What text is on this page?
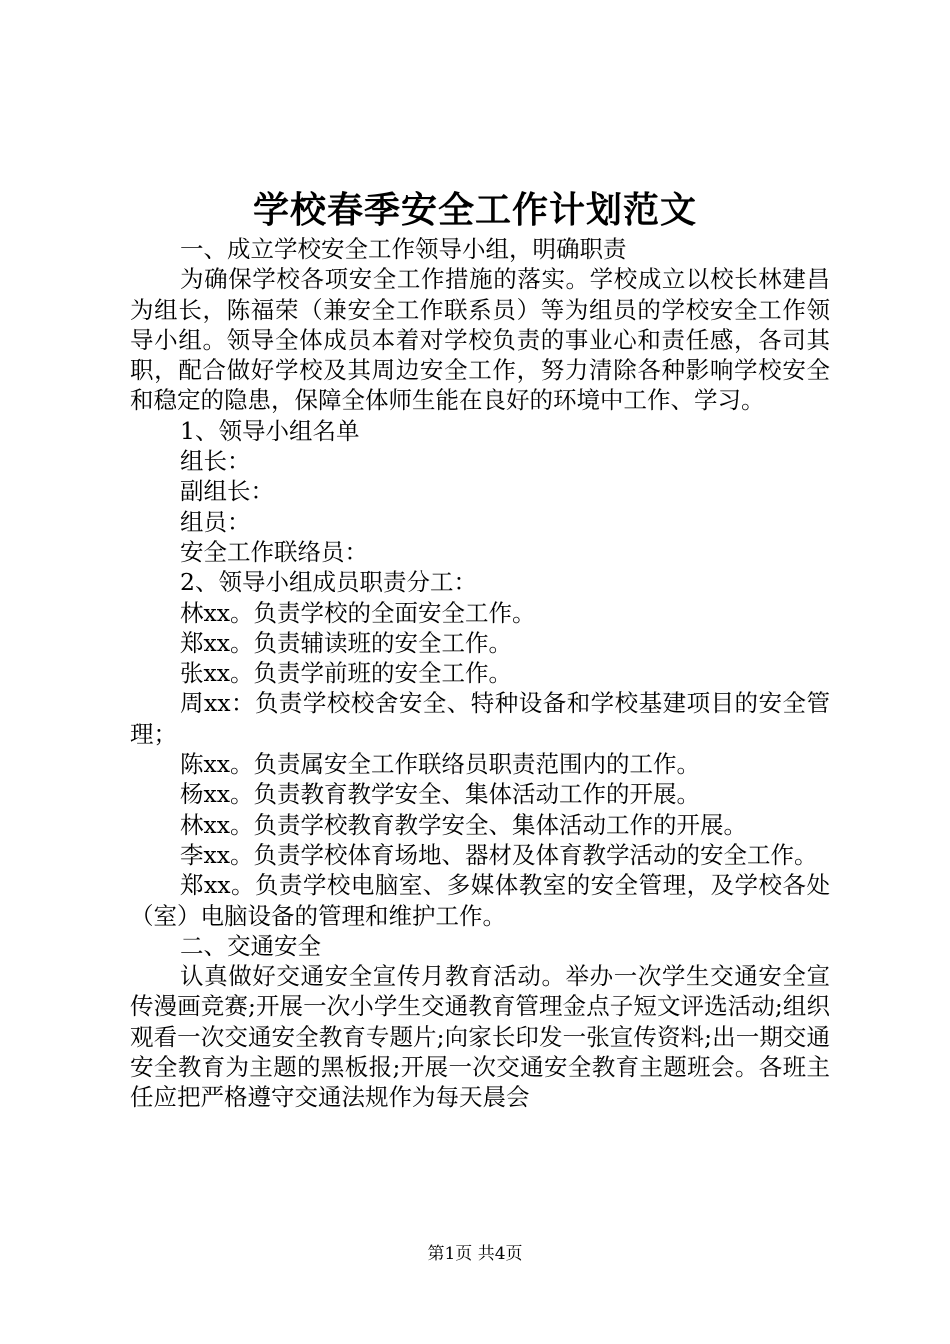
学校春季安全工作计划范文

一、成立学校安全工作领导小组，明确职责

为确保学校各项安全工作措施的落实。学校成立以校长林建昌为组长，陈福荣（兼安全工作联系员）等为组员的学校安全工作领导小组。领导全体成员本着对学校负责的事业心和责任感，各司其职，配合做好学校及其周边安全工作，努力清除各种影响学校安全和稳定的隐患，保障全体师生能在良好的环境中工作、学习。

1、领导小组名单

组长：

副组长：

组员：

安全工作联络员：

2、领导小组成员职责分工：

林xx。负责学校的全面安全工作。

郑xx。负责辅读班的安全工作。

张xx。负责学前班的安全工作。

周xx：负责学校校舍安全、特种设备和学校基建项目的安全管理；

陈xx。负责属安全工作联络员职责范围内的工作。

杨xx。负责教育教学安全、集体活动工作的开展。

林xx。负责学校教育教学安全、集体活动工作的开展。

李xx。负责学校体育场地、器材及体育教学活动的安全工作。

郑xx。负责学校电脑室、多媒体教室的安全管理，及学校各处（室）电脑设备的管理和维护工作。

二、交通安全

认真做好交通安全宣传月教育活动。举办一次学生交通安全宣传漫画竞赛;开展一次小学生交通教育管理金点子短文评选活动;组织观看一次交通安全教育专题片;向家长印发一张宣传资料;出一期交通安全教育为主题的黑板报;开展一次交通安全教育主题班会。各班主任应把严格遵守交通法规作为每天晨会

第1页 共4页
